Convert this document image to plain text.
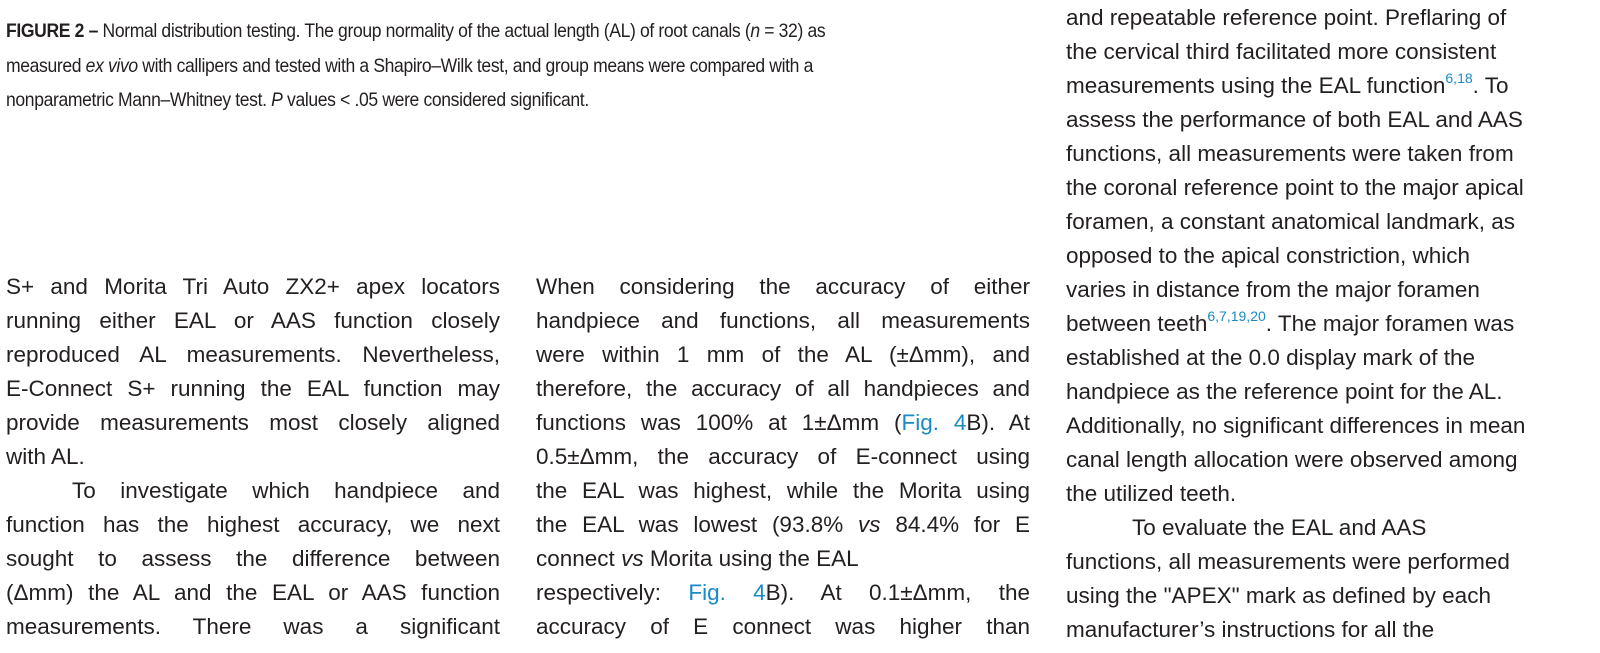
FIGURE 2 – Normal distribution testing. The group normality of the actual length (AL) of root canals (n = 32) as
measured ex vivo with callipers and tested with a Shapiro–Wilk test, and group means were compared with a
nonparametric Mann–Whitney test. P values < .05 were considered significant.
S+ and Morita Tri Auto ZX2+ apex locators
running either EAL or AAS function closely
reproduced AL measurements. Nevertheless,
E-Connect S+ running the EAL function may
provide measurements most closely aligned
with AL.
To investigate which handpiece and
function has the highest accuracy, we next
sought to assess the difference between
(Δmm) the AL and the EAL or AAS function
measurements. There was a significant
When considering the accuracy of either
handpiece and functions, all measurements
were within 1 mm of the AL (±Δmm), and
therefore, the accuracy of all handpieces and
functions was 100% at 1±Δmm (Fig. 4B). At
0.5±Δmm, the accuracy of E-connect using
the EAL was highest, while the Morita using
the EAL was lowest (93.8% vs 84.4% for E
connect vs Morita using the EAL
respectively: Fig. 4B). At 0.1±Δmm, the
accuracy of E connect was higher than
and repeatable reference point. Preflaring of
the cervical third facilitated more consistent
measurements using the EAL function$^{6,18}$. To
assess the performance of both EAL and AAS
functions, all measurements were taken from
the coronal reference point to the major apical
foramen, a constant anatomical landmark, as
opposed to the apical constriction, which
varies in distance from the major foramen
between teeth$^{6,7,19,20}$. The major foramen was
established at the 0.0 display mark of the
handpiece as the reference point for the AL.
Additionally, no significant differences in mean
canal length allocation were observed among
the utilized teeth.
To evaluate the EAL and AAS
functions, all measurements were performed
using the "APEX" mark as defined by each
manufacturer’s instructions for all the
